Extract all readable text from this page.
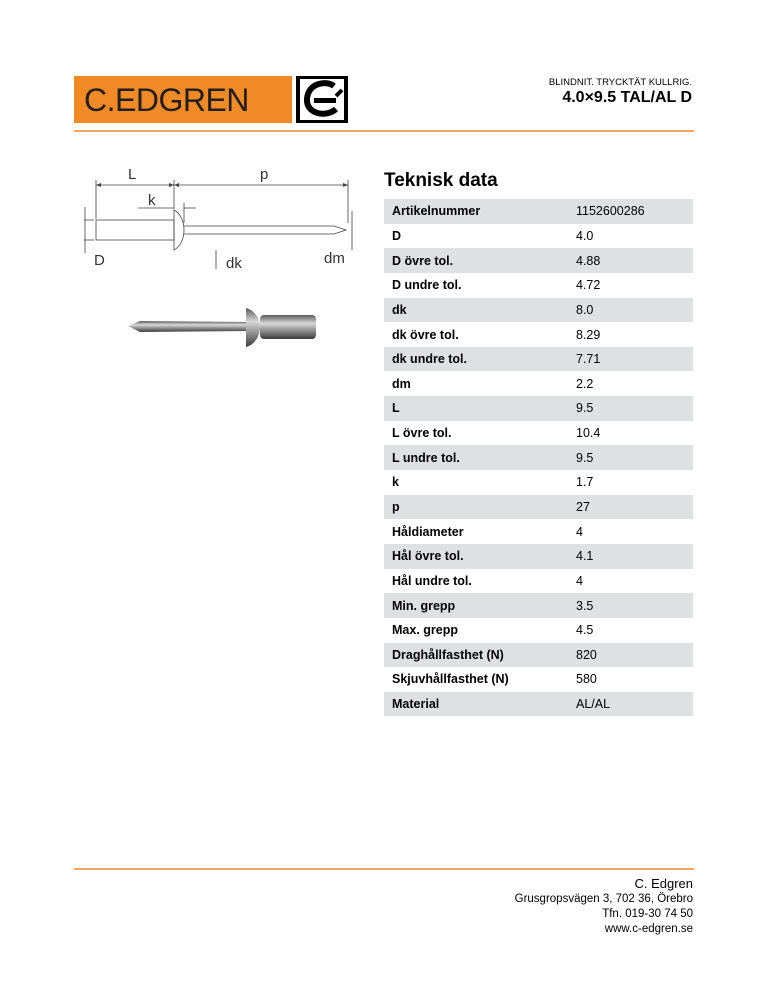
C.EDGREN	BLINDNIT. TRYCKTÄT KULLRIG.
4.0×9.5 TAL/AL D
L	p
k
D	dk	dm
Teknisk data
Artikelnummer	1152600286
D	4.0
D övre tol.	4.88
D undre tol.	4.72
dk	8.0
dk övre tol.	8.29
dk undre tol.	7.71
dm	2.2
L	9.5
L övre tol.	10.4
L undre tol.	9.5
k	1.7
p	27
Håldiameter	4
Hål övre tol.	4.1
Hål undre tol.	4
Min. grepp	3.5
Max. grepp	4.5
Draghållfasthet (N)	820
Skjuvhållfasthet (N)	580
Material	AL/AL
C. Edgren
Grusgropsvägen 3, 702 36, Örebro
Tfn. 019-30 74 50
www.c-edgren.se
